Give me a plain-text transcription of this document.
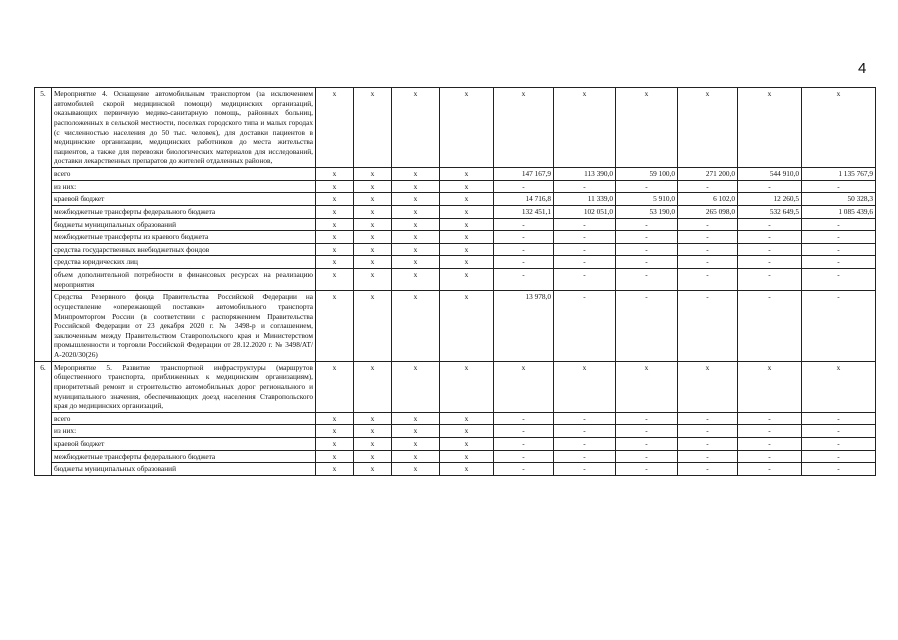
4
5.	Мероприятие 4. Оснащение автомобильным транспортом (за исключением автомобилей скорой медицинской помощи) медицинских организаций, оказывающих первичную медико-санитарную помощь, районных больниц, расположенных в сельской местности, поселках городского типа и малых городах (с численностью населения до 50 тыс. человек), для доставки пациентов в медицинские организации, медицинских работников до места жительства пациентов, а также для перевозки биологических материалов для исследований, доставки лекарственных препаратов до жителей отдаленных районов,	x	x	x	x	x	x	x	x	x	x
	всего	x	x	x	x	147 167,9	113 390,0	59 100,0	271 200,0	544 910,0	1 135 767,9
	из них:	x	x	x	x	-	-	-	-	-	-
	краевой бюджет	x	x	x	x	14 716,8	11 339,0	5 910,0	6 102,0	12 260,5	50 328,3
	межбюджетные трансферты федерального бюджета	x	x	x	x	132 451,1	102 051,0	53 190,0	265 098,0	532 649,5	1 085 439,6
	бюджеты муниципальных образований	x	x	x	x	-	-	-	-	-	-
	межбюджетные трансферты из краевого бюджета	x	x	x	x	-	-	-	-	-	-
	средства государственных внебюджетных фондов	x	x	x	x	-	-	-	-	-	-
	средства юридических лиц	x	x	x	x	-	-	-	-	-	-
	объем дополнительной потребности в финансовых ресурсах на реализацию мероприятия	x	x	x	x	-	-	-	-	-	-
	Средства Резервного фонда Правительства Российской Федерации на осуществление «опережающей поставки» автомобильного транспорта Минпромторгом России (в соответствии с распоряжением Правительства Российской Федерации от 23 декабря 2020 г. № 3498-р и соглашением, заключенным между Правительством Ставропольского края и Министерством промышленности и торговли Российской Федерации от 28.12.2020 г. № 3498/АТ/А-2020/30(26)	x	x	x	x	13 978,0	-	-	-	-	-
6.	Мероприятие 5. Развитие транспортной инфраструктуры (маршрутов общественного транспорта, приближенных к медицинским организациям), приоритетный ремонт и строительство автомобильных дорог регионального и муниципального значения, обеспечивающих доезд населения Ставропольского края до медицинских организаций,	x	x	x	x	x	x	x	x	x	x
	всего	x	x	x	x	-	-	-	-	-	-
	из них:	x	x	x	x	-	-	-	-	-	-
	краевой бюджет	x	x	x	x	-	-	-	-	-	-
	межбюджетные трансферты федерального бюджета	x	x	x	x	-	-	-	-	-	-
	бюджеты муниципальных образований	x	x	x	x	-	-	-	-	-	-
